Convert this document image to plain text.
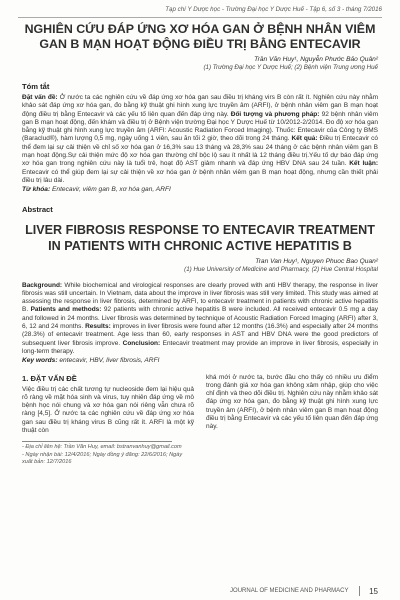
Tạp chí Y Dược học - Trường Đại học Y Dược Huế - Tập 6, số 3 - tháng 7/2016
NGHIÊN CỨU ĐÁP ỨNG XƠ HÓA GAN Ở BỆNH NHÂN VIÊM GAN B MẠN HOẠT ĐỘNG ĐIỀU TRỊ BẰNG ENTECAVIR

Trần Văn Huy¹, Nguyễn Phước Bảo Quân²

(1) Trường Đại học Y Dược Huế; (2) Bệnh viện Trung ương Huế

Tóm tắt

Đặt vấn đề: Ở nước ta các nghiên cứu về đáp ứng xơ hóa gan sau điều trị kháng virs B còn rất ít. Nghiên cứu này nhằm khảo sát đáp ứng xơ hóa gan, đo bằng kỹ thuật ghi hình xung lực truyền âm (ARFI), ở bệnh nhân viêm gan B mạn hoạt động điều trị bằng Entecavir và các yếu tố liên quan đến đáp ứng này. Đối tượng và phương pháp: 92 bệnh nhân viêm gan B mạn hoạt động, đến khám và điều trị ở Bệnh viện trường Đại học Y Dược Huế từ 10/2012-2/2014. Đo độ xơ hóa gan bằng kỹ thuật ghi hình xung lực truyền âm (ARFI: Acoustic Radiation Forced Imaging). Thuốc: Entecavir của Công ty BMS (Baraclud®), hàm lượng 0,5 mg, ngày uống 1 viên, sau ăn tối 2 giờ, theo dõi trong 24 tháng. Kết quả: Điều trị Entecavir có thể đem lại sự cải thiện về chỉ số xơ hóa gan ở 16,3% sau 13 tháng và 28,3% sau 24 tháng ở các bệnh nhân viêm gan B mạn hoạt động.Sự cải thiện mức độ xơ hóa gan thường chỉ bộc lộ sau ít nhất là 12 tháng điều trị.Yếu tố dự báo đáp ứng xơ hóa gan trong nghiên cứu này là tuổi trẻ, hoạt độ AST giảm nhanh và đáp ứng HBV DNA sau 24 tuần. Kết luận: Entecavir có thể giúp đem lại sự cải thiện về xơ hóa gan ở bệnh nhân viêm gan B mạn hoạt động, nhưng cần thiết phải điều trị lâu dài.

Từ khóa: Entecavir, viêm gan B, xơ hóa gan, ARFI

Abstract
LIVER FIBROSIS RESPONSE TO ENTECAVIR TREATMENT IN PATIENTS WITH CHRONIC ACTIVE HEPATITIS B

Tran Van Huy¹, Nguyen Phuoc Bao Quan²

(1) Hue University of Medicine and Pharmacy, (2) Hue Central Hospital

Background: While biochemical and virological responses are clearly proved with anti HBV therapy, the response in liver fibrosis was still uncertain. In Vietnam, data about the improve in liver fibrosis was still very limited. This study was aimed at assessing the response in liver fibrosis, determined by ARFI, to entecavir treatment in patients with chronic active hepatitis B. Patients and methods: 92 patients with chronic active hepatitis B were included. All received entecavir 0.5 mg a day and followed in 24 months. Liver fibrosis was determined by technique of Acoustic Radiation Forced Imaging (ARFI) after 3, 6, 12 and 24 months. Results: improves in liver fibrosis were found after 12 months (16.3%) and especially after 24 months (28.3%) of entecavir treatment. Age less than 60, early responses in AST and HBV DNA were the good predictors of subsequent liver fibrosis improve. Conclusion: Entecavir treatment may provide an improve in liver fibrosis, especially in long-term therapy.

Key words: entecavir, HBV, liver fibrosis, ARFI

1. ĐẶT VẤN ĐỀ

Việc điều trị các chất tương tự nucleoside đem lại hiệu quả rõ ràng về mặt hóa sinh và virus, tuy nhiên đáp ứng về mô bệnh học nói chung và xơ hóa gan nói riêng vẫn chưa rõ ràng [4,5]. Ở nước ta các nghiên cứu về đáp ứng xơ hóa gan sau điều trị kháng virus B cũng rất ít. ARFI là một kỹ thuật còn

- Địa chỉ liên hệ: Trần Văn Huy, email: bstranvanhuy@gmail.com

- Ngày nhận bài: 12/4/2016; Ngày đồng ý đăng: 22/6/2016; Ngày xuất bản: 12/7/2016

khá mới ở nước ta, bước đầu cho thấy có nhiều ưu điểm trong đánh giá xơ hóa gan không xâm nhập, giúp cho việc chỉ định và theo dõi điều trị. Nghiên cứu này nhằm khảo sát đáp ứng xơ hóa gan, đo bằng kỹ thuật ghi hình xung lực truyền âm (ARFI), ở bệnh nhân viêm gan B mạn hoạt động điều trị bằng Entecavir và các yếu tố liên quan đến đáp ứng này.

JOURNAL OF MEDICINE AND PHARMACY	15
